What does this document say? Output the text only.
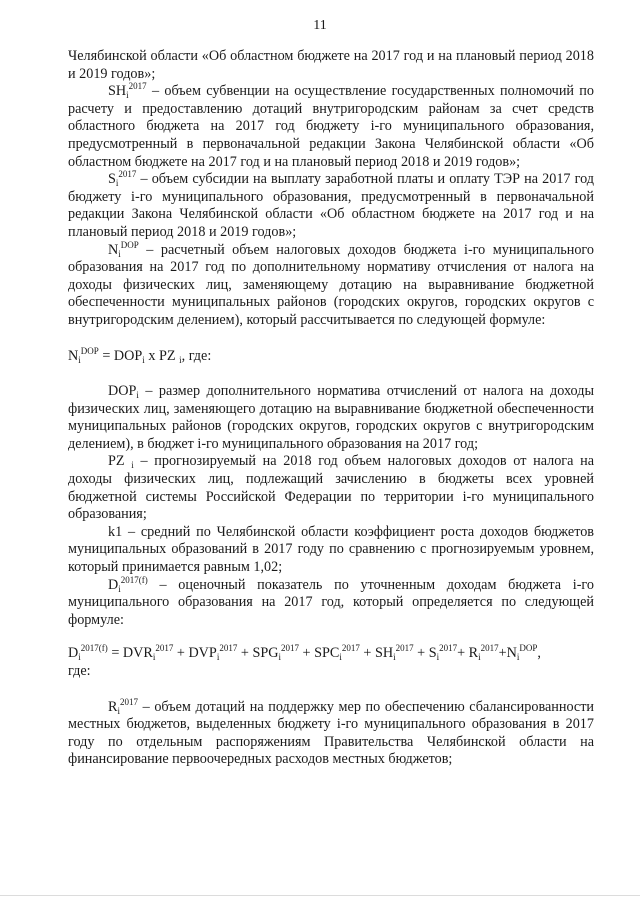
11

Челябинской области «Об областном бюджете на 2017 год и на плановый период 2018 и 2019 годов»;

$SH_i^{2017}$ – объем субвенции на осуществление государственных полномочий по расчету и предоставлению дотаций внутригородским районам за счет средств областного бюджета на 2017 год бюджету i-го муниципального образования, предусмотренный в первоначальной редакции Закона Челябинской области «Об областном бюджете на 2017 год и на плановый период 2018 и 2019 годов»;

$S_i^{2017}$ – объем субсидии на выплату заработной платы и оплату ТЭР на 2017 год бюджету i-го муниципального образования, предусмотренный в первоначальной редакции Закона Челябинской области «Об областном бюджете на 2017 год и на плановый период 2018 и 2019 годов»;

$N_i^{DOP}$ – расчетный объем налоговых доходов бюджета i-го муниципального образования на 2017 год по дополнительному нормативу отчисления от налога на доходы физических лиц, заменяющему дотацию на выравнивание бюджетной обеспеченности муниципальных районов (городских округов, городских округов с внутригородским делением), который рассчитывается по следующей формуле:

$N_i^{DOP} = DOP_i$ x PZ $_i$, где:

$DOP_i$ – размер дополнительного норматива отчислений от налога на доходы физических лиц, заменяющего дотацию на выравнивание бюджетной обеспеченности муниципальных районов (городских округов, городских округов с внутригородским делением), в бюджет i-го муниципального образования на 2017 год;

PZ $_i$ – прогнозируемый на 2018 год объем налоговых доходов от налога на доходы физических лиц, подлежащий зачислению в бюджеты всех уровней бюджетной системы Российской Федерации по территории i-го муниципального образования;

k1 – средний по Челябинской области коэффициент роста доходов бюджетов муниципальных образований в 2017 году по сравнению с прогнозируемым уровнем, который принимается равным 1,02;

$D_i^{2017(f)}$ – оценочный показатель по уточненным доходам бюджета i-го муниципального образования на 2017 год, который определяется по следующей формуле:

$D_i^{2017(f)} = DVR_i^{2017} + DVP_i^{2017} + SPG_i^{2017} + SPC_i^{2017} + SH_i^{2017} + S_i^{2017}+ R_i^{2017}+N_i^{DOP}$,

где:

$R_i^{2017}$ – объем дотаций на поддержку мер по обеспечению сбалансированности местных бюджетов, выделенных бюджету i-го муниципального образования в 2017 году по отдельным распоряжениям Правительства Челябинской области на финансирование первоочередных расходов местных бюджетов;
